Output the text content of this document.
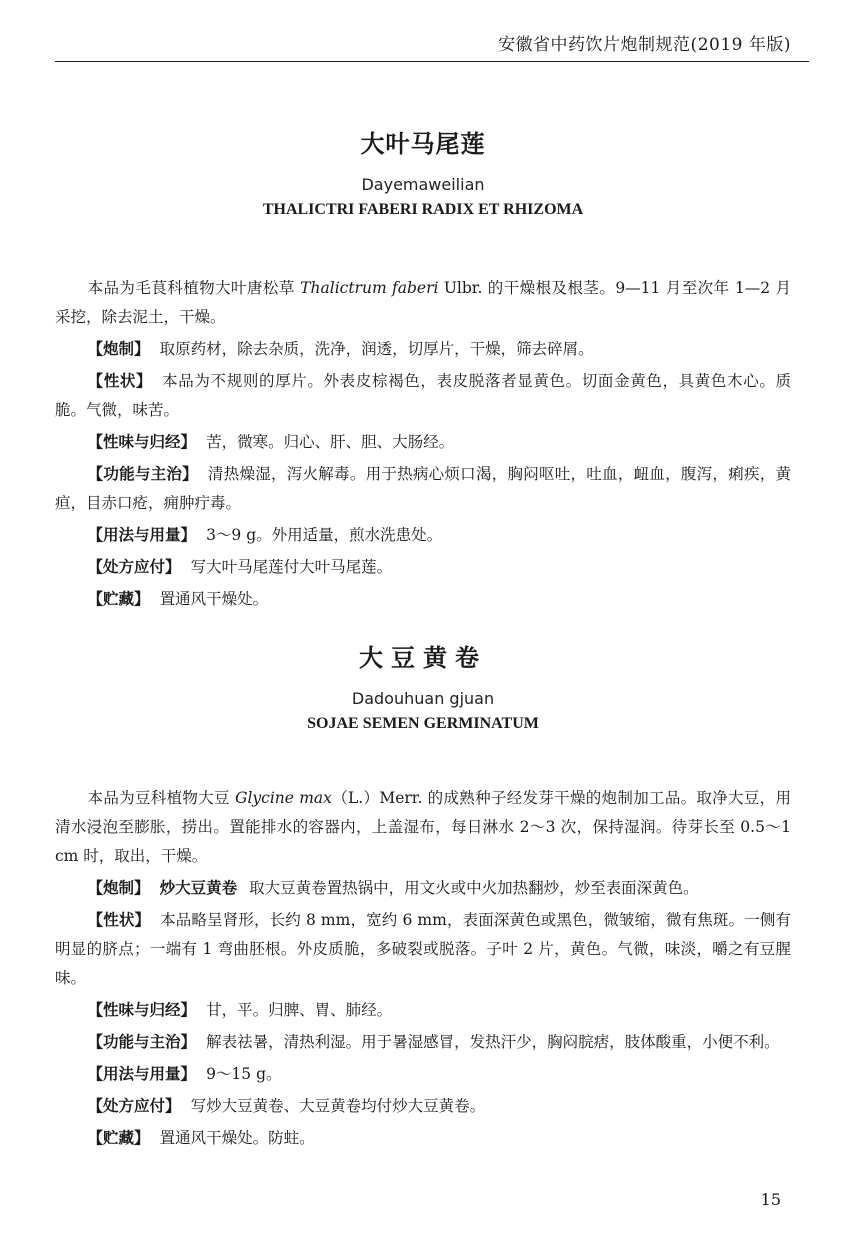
安徽省中药饮片炮制规范(2019 年版)
大叶马尾莲
Dayemaweilian
THALICTRI FABERI RADIX ET RHIZOMA

本品为毛茛科植物大叶唐松草 Thalictrum faberi Ulbr. 的干燥根及根茎。9—11 月至次年 1—2 月采挖，除去泥土，干燥。

【炮制】 取原药材，除去杂质，洗净，润透，切厚片，干燥，筛去碎屑。

【性状】 本品为不规则的厚片。外表皮棕褐色，表皮脱落者显黄色。切面金黄色，具黄色木心。质脆。气微，味苦。

【性味与归经】 苦，微寒。归心、肝、胆、大肠经。

【功能与主治】 清热燥湿，泻火解毒。用于热病心烦口渴，胸闷呕吐，吐血，衄血，腹泻，痢疾，黄疸，目赤口疮，痈肿疔毒。

【用法与用量】 3～9 g。外用适量，煎水洗患处。

【处方应付】 写大叶马尾莲付大叶马尾莲。

【贮藏】 置通风干燥处。

大豆黄卷
Dadouhuan gjuan
SOJAE SEMEN GERMINATUM

本品为豆科植物大豆 Glycine max（L.）Merr. 的成熟种子经发芽干燥的炮制加工品。取净大豆，用清水浸泡至膨胀，捞出。置能排水的容器内，上盖湿布，每日淋水 2～3 次，保持湿润。待芽长至 0.5～1 cm 时，取出，干燥。

【炮制】 炒大豆黄卷 取大豆黄卷置热锅中，用文火或中火加热翻炒，炒至表面深黄色。

【性状】 本品略呈肾形，长约 8 mm，宽约 6 mm，表面深黄色或黑色，微皱缩，微有焦斑。一侧有明显的脐点；一端有 1 弯曲胚根。外皮质脆，多破裂或脱落。子叶 2 片，黄色。气微，味淡，嚼之有豆腥味。

【性味与归经】 甘，平。归脾、胃、肺经。

【功能与主治】 解表祛暑，清热利湿。用于暑湿感冒，发热汗少，胸闷脘痞，肢体酸重，小便不利。

【用法与用量】 9～15 g。

【处方应付】 写炒大豆黄卷、大豆黄卷均付炒大豆黄卷。

【贮藏】 置通风干燥处。防蛀。

15
